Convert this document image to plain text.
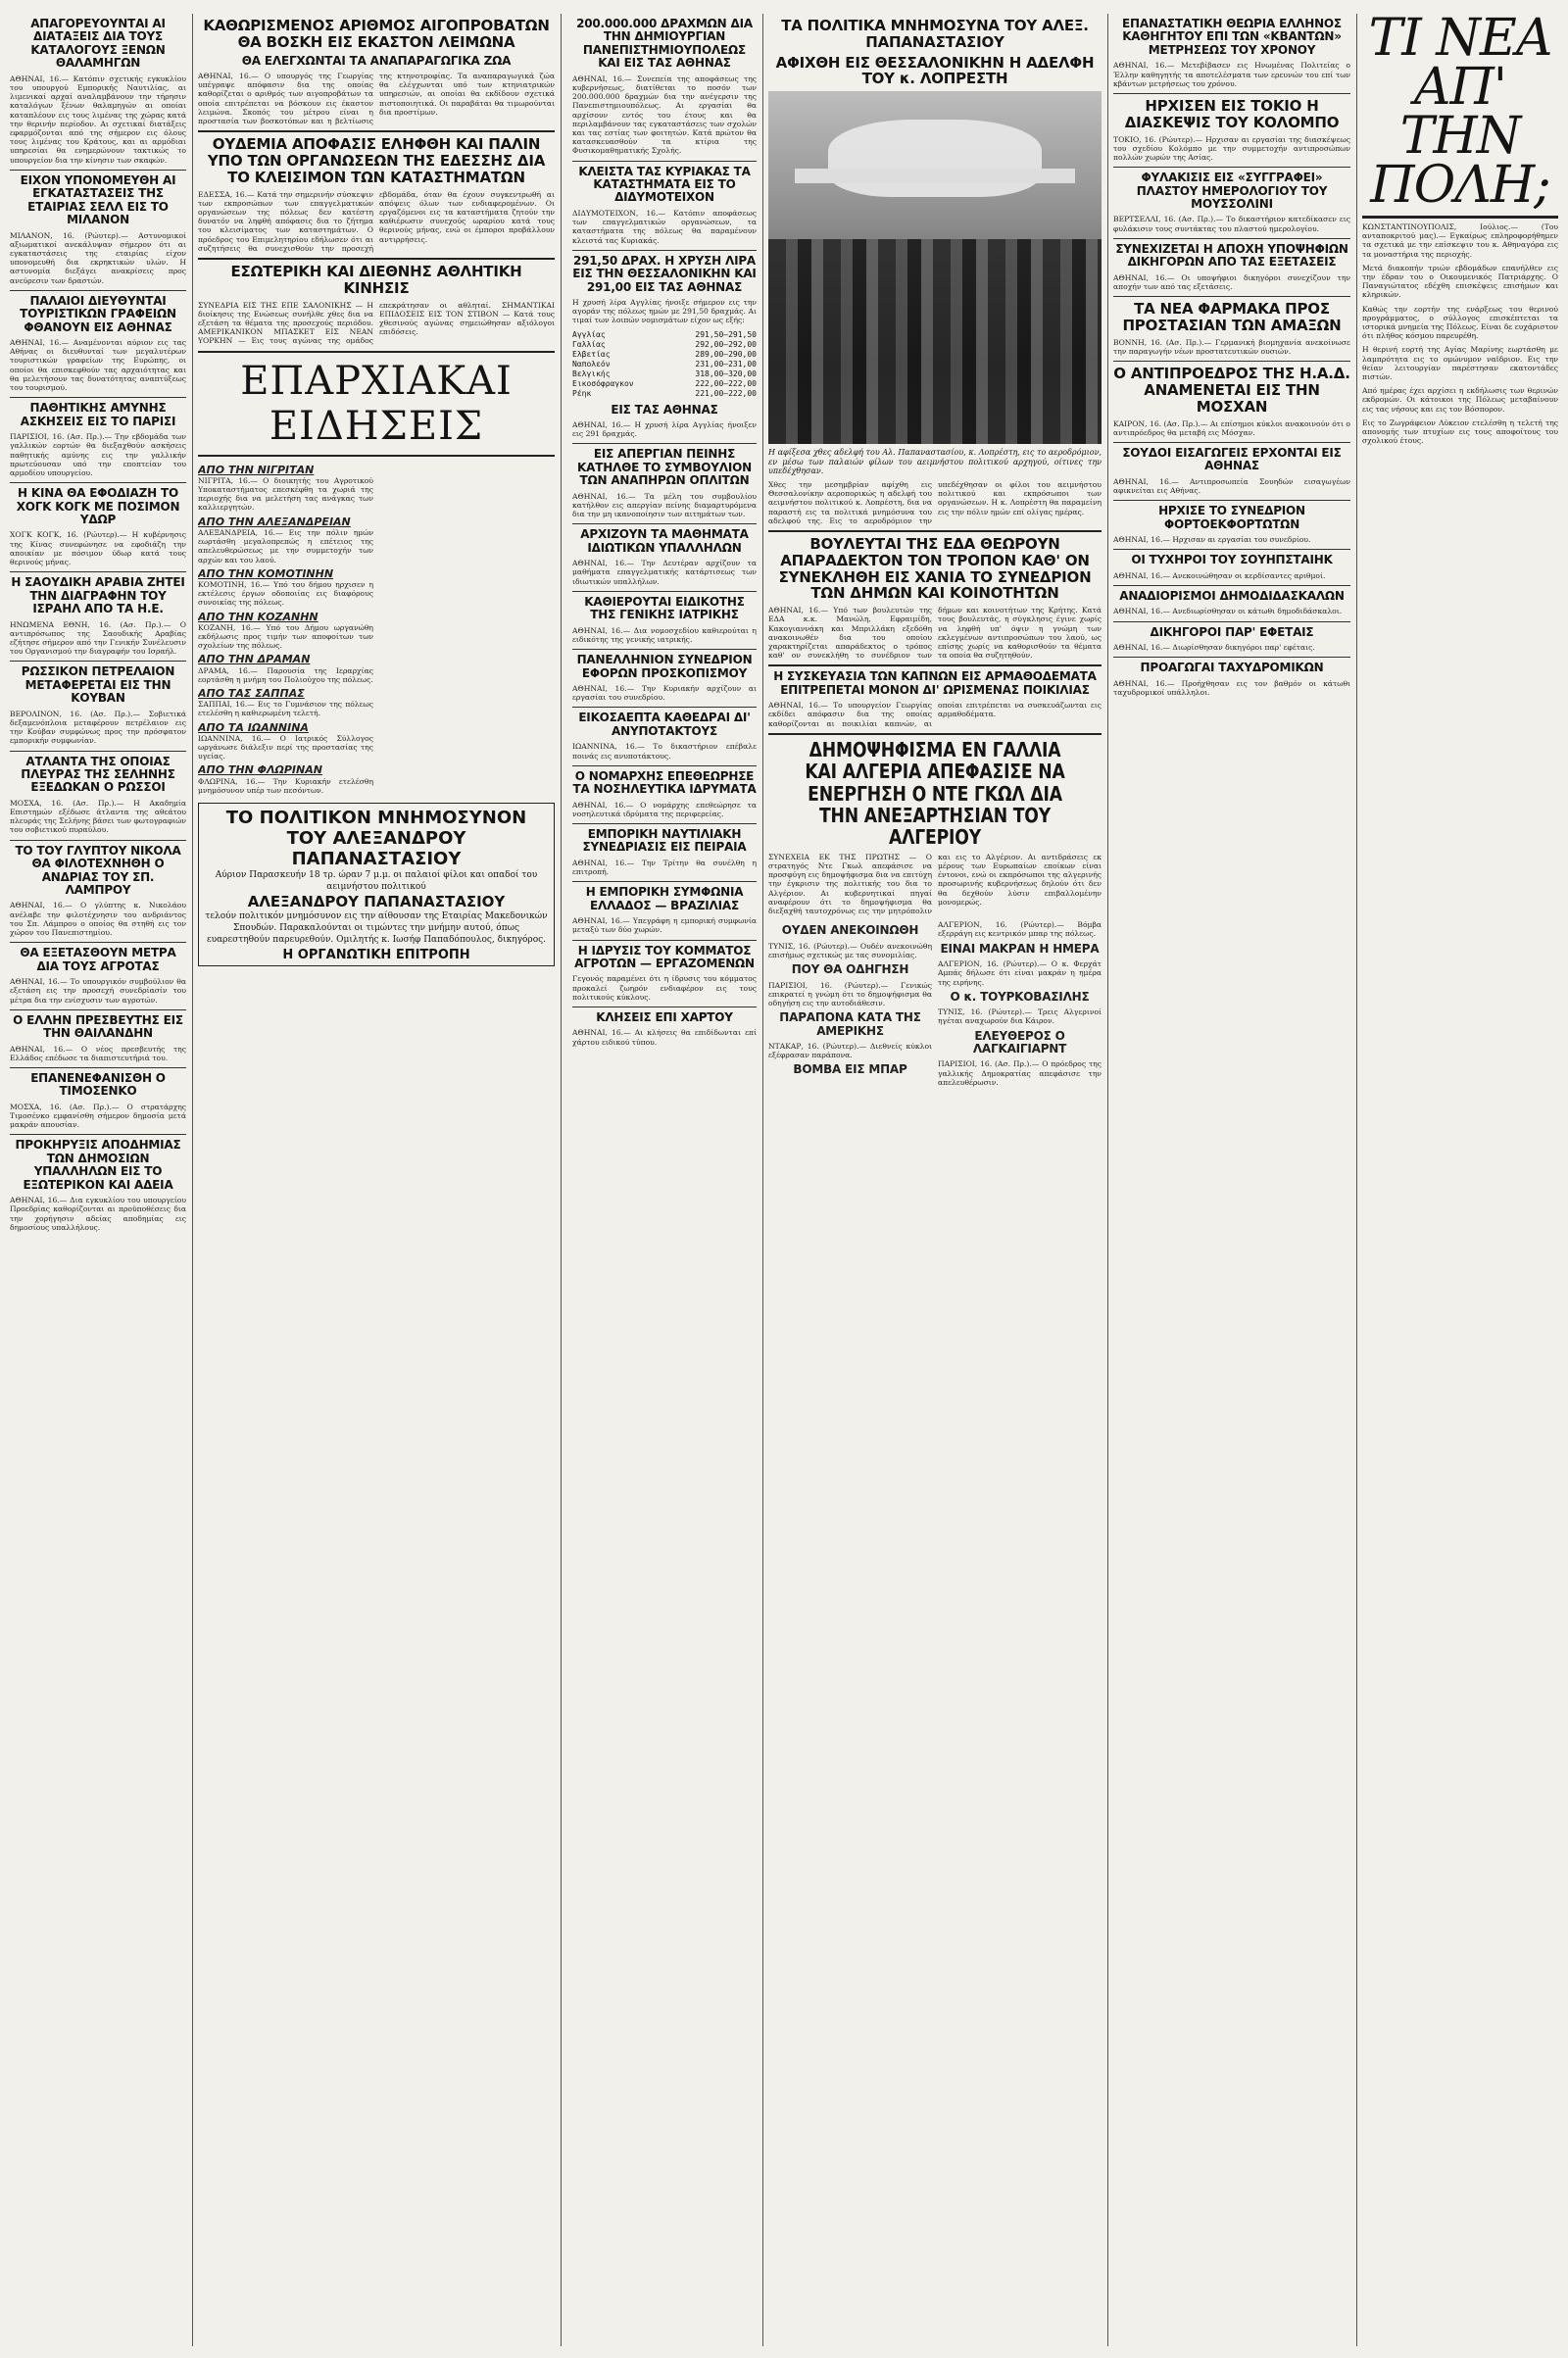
ΑΠΑΓΟΡΕΥΟΥΝΤΑΙ ΑΙ ΔΙΑΤΑΞΕΙΣ ΔΙΑ ΤΟΥΣ ΚΑΤΑΛΟΓΟΥΣ ΞΕΝΩΝ ΘΑΛΑΜΗΓΩΝ
ΑΘΗΝΑΙ, 16.— Κατόπιν σχετικής εγκυκλίου του υπουργού Εμπορικής Ναυτιλίας, αι λιμενικαί αρχαί αναλαμβάνουν την τήρησιν καταλόγων ξένων θαλαμηγών αι οποίαι καταπλέουν εις τους λιμένας της χώρας κατά την θερινήν περίοδον. Αι σχετικαί διατάξεις εφαρμόζονται από της σήμερον εις όλους τους λιμένας του Κράτους, και αι αρμόδιαι υπηρεσίαι θα ενημερώνουν τακτικώς το υπουργείον δια την κίνησιν των σκαφών.
ΕΙΧΟΝ ΥΠΟΝΟΜΕΥΘΗ ΑΙ ΕΓΚΑΤΑΣΤΑΣΕΙΣ ΤΗΣ ΕΤΑΙΡΙΑΣ ΣΕΛΛ ΕΙΣ ΤΟ ΜΙΛΑΝΟΝ
ΜΙΛΑΝΟΝ, 16. (Ρώυτερ).— Αστυνομικοί αξιωματικοί ανεκάλυψαν σήμερον ότι αι εγκαταστάσεις της εταιρίας είχον υπονομευθή δια εκρηκτικών υλών. Η αστυνομία διεξάγει ανακρίσεις προς ανεύρεσιν των δραστών.
ΠΑΛΑΙΟΙ ΔΙΕΥΘΥΝΤΑΙ ΤΟΥΡΙΣΤΙΚΩΝ ΓΡΑΦΕΙΩΝ ΦΘΑΝΟΥΝ ΕΙΣ ΑΘΗΝΑΣ
ΑΘΗΝΑΙ, 16.— Αναμένονται αύριον εις τας Αθήνας οι διευθυνταί των μεγαλυτέρων τουριστικών γραφείων της Ευρώπης, οι οποίοι θα επισκεφθούν τας αρχαιότητας και θα μελετήσουν τας δυνατότητας αναπτύξεως του τουρισμού.
ΠΑΘΗΤΙΚΗΣ ΑΜΥΝΗΣ ΑΣΚΗΣΕΙΣ ΕΙΣ ΤΟ ΠΑΡΙΣΙ
ΠΑΡΙΣΙΟΙ, 16. (Ασ. Πρ.).— Την εβδομάδα των γαλλικών εορτών θα διεξαχθούν ασκήσεις παθητικής αμύνης εις την γαλλικήν πρωτεύουσαν υπό την εποπτείαν του αρμοδίου υπουργείου.
Η ΚΙΝΑ ΘΑ ΕΦΟΔΙΑΖΗ ΤΟ ΧΟΓΚ ΚΟΓΚ ΜΕ ΠΟΣΙΜΟΝ ΥΔΩΡ
ΧΟΓΚ ΚΟΓΚ, 16. (Ρώυτερ).— Η κυβέρνησις της Κίνας συνεφώνησε να εφοδιάζη την αποικίαν με πόσιμον ύδωρ κατά τους θερινούς μήνας.
Η ΣΑΟΥΔΙΚΗ ΑΡΑΒΙΑ ΖΗΤΕΙ ΤΗΝ ΔΙΑΓΡΑΦΗΝ ΤΟΥ ΙΣΡΑΗΛ ΑΠΟ ΤΑ Η.Ε.
ΗΝΩΜΕΝΑ ΕΘΝΗ, 16. (Ασ. Πρ.).— Ο αντιπρόσωπος της Σαουδικής Αραβίας εζήτησε σήμερον από την Γενικήν Συνέλευσιν του Οργανισμού την διαγραφήν του Ισραήλ.
ΡΩΣΣΙΚΟΝ ΠΕΤΡΕΛΑΙΟΝ ΜΕΤΑΦΕΡΕΤΑΙ ΕΙΣ ΤΗΝ ΚΟΥΒΑΝ
ΒΕΡΟΛΙΝΟΝ, 16. (Ασ. Πρ.).— Σοβιετικά δεξαμενόπλοια μεταφέρουν πετρέλαιον εις την Κούβαν συμφώνως προς την πρόσφατον εμπορικήν συμφωνίαν.
ΑΤΛΑΝΤΑ ΤΗΣ ΟΠΟΙΑΣ ΠΛΕΥΡΑΣ ΤΗΣ ΣΕΛΗΝΗΣ ΕΞΕΔΩΚΑΝ Ο ΡΩΣΣΟΙ
ΜΟΣΧΑ, 16. (Ασ. Πρ.).— Η Ακαδημία Επιστημών εξέδωσε άτλαντα της αθεάτου πλευράς της Σελήνης βάσει των φωτογραφιών του σοβιετικού πυραύλου.
ΤΟ ΤΟΥ ΓΛΥΠΤΟΥ ΝΙΚΟΛΑ ΘΑ ΦΙΛΟΤΕΧΝΗΘΗ Ο ΑΝΔΡΙΑΣ ΤΟΥ ΣΠ. ΛΑΜΠΡΟΥ
ΑΘΗΝΑΙ, 16.— Ο γλύπτης κ. Νικολάου ανέλαβε την φιλοτέχνησιν του ανδριάντος του Σπ. Λάμπρου ο οποίος θα στηθή εις τον χώρον του Πανεπιστημίου.
ΘΑ ΕΞΕΤΑΣΘΟΥΝ ΜΕΤΡΑ ΔΙΑ ΤΟΥΣ ΑΓΡΟΤΑΣ
ΑΘΗΝΑΙ, 16.— Το υπουργικόν συμβούλιον θα εξετάση εις την προσεχή συνεδρίασίν του μέτρα δια την ενίσχυσιν των αγροτών.
Ο ΕΛΛΗΝ ΠΡΕΣΒΕΥΤΗΣ ΕΙΣ ΤΗΝ ΘΑΙΛΑΝΔΗΝ
ΑΘΗΝΑΙ, 16.— Ο νέος πρεσβευτής της Ελλάδος επέδωσε τα διαπιστευτήριά του.
ΕΠΑΝΕΝΕΦΑΝΙΣΘΗ Ο ΤΙΜΟΣΕΝΚΟ
ΜΟΣΧΑ, 16. (Ασ. Πρ.).— Ο στρατάρχης Τιμοσένκο εμφανίσθη σήμερον δημοσία μετά μακράν απουσίαν.
ΠΡΟΚΗΡΥΞΙΣ ΑΠΟΔΗΜΙΑΣ ΤΩΝ ΔΗΜΟΣΙΩΝ ΥΠΑΛΛΗΛΩΝ ΕΙΣ ΤΟ ΕΞΩΤΕΡΙΚΟΝ ΚΑΙ ΑΔΕΙΑ
ΑΘΗΝΑΙ, 16.— Δια εγκυκλίου του υπουργείου Προεδρίας καθορίζονται αι προϋποθέσεις δια την χορήγησιν αδείας αποδημίας εις δημοσίους υπαλλήλους.
ΚΑΘΩΡΙΣΜΕΝΟΣ ΑΡΙΘΜΟΣ ΑΙΓΟΠΡΟΒΑΤΩΝ ΘΑ ΒΟΣΚΗ ΕΙΣ ΕΚΑΣΤΟΝ ΛΕΙΜΩΝΑ
ΘΑ ΕΛΕΓΧΩΝΤΑΙ ΤΑ ΑΝΑΠΑΡΑΓΩΓΙΚΑ ΖΩΑ
ΑΘΗΝΑΙ, 16.— Ο υπουργός της Γεωργίας υπέγραψε απόφασιν δια της οποίας καθορίζεται ο αριθμός των αιγοπροβάτων τα οποία επιτρέπεται να βόσκουν εις έκαστον λειμώνα. Σκοπός του μέτρου είναι η προστασία των βοσκοτόπων και η βελτίωσις της κτηνοτροφίας. Τα αναπαραγωγικά ζώα θα ελέγχωνται υπό των κτηνιατρικών υπηρεσιών, αι οποίαι θα εκδίδουν σχετικά πιστοποιητικά. Οι παραβάται θα τιμωρούνται δια προστίμων.
ΟΥΔΕΜΙΑ ΑΠΟΦΑΣΙΣ ΕΛΗΦΘΗ ΚΑΙ ΠΑΛΙΝ ΥΠΟ ΤΩΝ ΟΡΓΑΝΩΣΕΩΝ ΤΗΣ ΕΔΕΣΣΗΣ ΔΙΑ ΤΟ ΚΛΕΙΣΙΜΟΝ ΤΩΝ ΚΑΤΑΣΤΗΜΑΤΩΝ
ΕΔΕΣΣΑ, 16.— Κατά την σημερινήν σύσκεψιν των εκπροσώπων των επαγγελματικών οργανώσεων της πόλεως δεν κατέστη δυνατόν να ληφθή απόφασις δια το ζήτημα του κλεισίματος των καταστημάτων. Ο πρόεδρος του Επιμελητηρίου εδήλωσεν ότι αι συζητήσεις θα συνεχισθούν την προσεχή εβδομάδα, όταν θα έχουν συγκεντρωθή αι απόψεις όλων των ενδιαφερομένων. Οι εργαζόμενοι εις τα καταστήματα ζητούν την καθιέρωσιν συνεχούς ωραρίου κατά τους θερινούς μήνας, ενώ οι έμποροι προβάλλουν αντιρρήσεις.
ΕΣΩΤΕΡΙΚΗ ΚΑΙ ΔΙΕΘΝΗΣ ΑΘΛΗΤΙΚΗ ΚΙΝΗΣΙΣ
ΣΥΝΕΔΡΙΑ ΕΙΣ ΤΗΣ ΕΠΕ ΣΑΛΟΝΙΚΗΣ — Η διοίκησις της Ενώσεως συνήλθε χθες δια να εξετάση τα θέματα της προσεχούς περιόδου. ΑΜΕΡΙΚΑΝΙΚΟΝ ΜΠΑΣΚΕΤ ΕΙΣ ΝΕΑΝ ΥΟΡΚΗΝ — Εις τους αγώνας της ομάδος επεκράτησαν οι αθληταί. ΣΗΜΑΝΤΙΚΑΙ ΕΠΙΔΟΣΕΙΣ ΕΙΣ ΤΟΝ ΣΤΙΒΟΝ — Κατά τους χθεσινούς αγώνας σημειώθησαν αξιόλογοι επιδόσεις.
ΕΠΑΡΧΙΑΚΑΙ ΕΙΔΗΣΕΙΣ
ΑΠΟ ΤΗΝ ΝΙΓΡΙΤΑΝ
ΝΙΓΡΙΤΑ, 16.— Ο διοικητής του Αγροτικού Υποκαταστήματος επεσκέφθη τα χωριά της περιοχής δια να μελετήση τας ανάγκας των καλλιεργητών.
ΑΠΟ ΤΗΝ ΑΛΕΞΑΝΔΡΕΙΑΝ
ΑΛΕΞΑΝΔΡΕΙΑ, 16.— Εις την πόλιν ημών εωρτάσθη μεγαλοπρεπώς η επέτειος της απελευθερώσεως με την συμμετοχήν των αρχών και του λαού.
ΑΠΟ ΤΗΝ ΚΟΜΟΤΙΝΗΝ
ΚΟΜΟΤΙΝΗ, 16.— Υπό του δήμου ηρχισεν η εκτέλεσις έργων οδοποιίας εις διαφόρους συνοικίας της πόλεως.
ΑΠΟ ΤΗΝ ΚΟΖΑΝΗΝ
ΚΟΖΑΝΗ, 16.— Υπό του Δήμου ωργανώθη εκδήλωσις προς τιμήν των αποφοίτων των σχολείων της πόλεως.
ΑΠΟ ΤΗΝ ΔΡΑΜΑΝ
ΔΡΑΜΑ, 16.— Παρουσία της Ιεραρχίας εορτάσθη η μνήμη του Πολιούχου της πόλεως.
ΑΠΟ ΤΑΣ ΣΑΠΠΑΣ
ΣΑΠΠΑΙ, 16.— Εις το Γυμνάσιον της πόλεως ετελέσθη η καθιερωμένη τελετή.
ΑΠΟ ΤΑ ΙΩΑΝΝΙΝΑ
ΙΩΑΝΝΙΝΑ, 16.— Ο Ιατρικός Σύλλογος ωργάνωσε διάλεξιν περί της προστασίας της υγείας.
ΑΠΟ ΤΗΝ ΦΛΩΡΙΝΑΝ
ΦΛΩΡΙΝΑ, 16.— Την Κυριακήν ετελέσθη μνημόσυνον υπέρ των πεσόντων.
ΤΟ ΠΟΛΙΤΙΚΟΝ ΜΝΗΜΟΣΥΝΟΝ ΤΟΥ ΑΛΕΞΑΝΔΡΟΥ ΠΑΠΑΝΑΣΤΑΣΙΟΥ
Αύριον Παρασκευήν 18 τρ. ώραν 7 μ.μ. οι παλαιοί φίλοι και οπαδοί του αειμνήστου πολιτικού
ΑΛΕΞΑΝΔΡΟΥ ΠΑΠΑΝΑΣΤΑΣΙΟΥ
τελούν πολιτικόν μνημόσυνον εις την αίθουσαν της Εταιρίας Μακεδονικών Σπουδών. Παρακαλούνται οι τιμώντες την μνήμην αυτού, όπως ευαρεστηθούν παρευρεθούν. Ομιλητής κ. Ιωσήφ Παπαδόπουλος, δικηγόρος.
Η ΟΡΓΑΝΩΤΙΚΗ ΕΠΙΤΡΟΠΗ
200.000.000 ΔΡΑΧΜΩΝ ΔΙΑ ΤΗΝ ΔΗΜΙΟΥΡΓΙΑΝ ΠΑΝΕΠΙΣΤΗΜΙΟΥΠΟΛΕΩΣ ΚΑΙ ΕΙΣ ΤΑΣ ΑΘΗΝΑΣ
ΑΘΗΝΑΙ, 16.— Συνεπεία της αποφάσεως της κυβερνήσεως, διατίθεται το ποσόν των 200.000.000 δραχμών δια την ανέγερσιν της Πανεπιστημιουπόλεως. Αι εργασίαι θα αρχίσουν εντός του έτους και θα περιλαμβάνουν τας εγκαταστάσεις των σχολών και τας εστίας των φοιτητών. Κατά πρώτον θα κατασκευασθούν τα κτίρια της Φυσικομαθηματικής Σχολής.
ΚΛΕΙΣΤΑ ΤΑΣ ΚΥΡΙΑΚΑΣ ΤΑ ΚΑΤΑΣΤΗΜΑΤΑ ΕΙΣ ΤΟ ΔΙΔΥΜΟΤΕΙΧΟΝ
ΔΙΔΥΜΟΤΕΙΧΟΝ, 16.— Κατόπιν αποφάσεως των επαγγελματικών οργανώσεων, τα καταστήματα της πόλεως θα παραμένουν κλειστά τας Κυριακάς.
291,50 ΔΡΑΧ. Η ΧΡΥΣΗ ΛΙΡΑ ΕΙΣ ΤΗΝ ΘΕΣΣΑΛΟΝΙΚΗΝ ΚΑΙ 291,00 ΕΙΣ ΤΑΣ ΑΘΗΝΑΣ
Η χρυσή λίρα Αγγλίας ήνοιξε σήμερον εις την αγοράν της πόλεως ημών με 291,50 δραχμάς. Αι τιμαί των λοιπών νομισμάτων είχον ως εξής:
Αγγλίας	291,50—291,50
Γαλλίας	292,00—292,00
Ελβετίας	289,00—290,00
Ναπολεόν	231,00—231,00
Βελγικής	318,00—320,00
Εικοσόφραγκον	222,00—222,00
Ρέηκ	221,00—222,00
ΕΙΣ ΤΑΣ ΑΘΗΝΑΣ
ΑΘΗΝΑΙ, 16.— Η χρυσή λίρα Αγγλίας ήνοιξεν εις 291 δραχμάς.
ΕΙΣ ΑΠΕΡΓΙΑΝ ΠΕΙΝΗΣ ΚΑΤΗΛΘΕ ΤΟ ΣΥΜΒΟΥΛΙΟΝ ΤΩΝ ΑΝΑΠΗΡΩΝ ΟΠΛΙΤΩΝ
ΑΘΗΝΑΙ, 16.— Τα μέλη του συμβουλίου κατήλθον εις απεργίαν πείνης διαμαρτυρόμενα δια την μη ικανοποίησιν των αιτημάτων των.
ΑΡΧΙΖΟΥΝ ΤΑ ΜΑΘΗΜΑΤΑ ΙΔΙΩΤΙΚΩΝ ΥΠΑΛΛΗΛΩΝ
ΑΘΗΝΑΙ, 16.— Την Δευτέραν αρχίζουν τα μαθήματα επαγγελματικής κατάρτισεως των ιδιωτικών υπαλλήλων.
ΚΑΘΙΕΡΟΥΤΑΙ ΕΙΔΙΚΟΤΗΣ ΤΗΣ ΓΕΝΙΚΗΣ ΙΑΤΡΙΚΗΣ
ΑΘΗΝΑΙ, 16.— Δια νομοσχεδίου καθιερούται η ειδικότης της γενικής ιατρικής.
ΠΑΝΕΛΛΗΝΙΟΝ ΣΥΝΕΔΡΙΟΝ ΕΦΟΡΩΝ ΠΡΟΣΚΟΠΙΣΜΟΥ
ΑΘΗΝΑΙ, 16.— Την Κυριακήν αρχίζουν αι εργασίαι του συνεδρίου.
ΕΙΚΟΣΑΕΠΤΑ ΚΑΘΕΔΡΑΙ ΔΙ' ΑΝΥΠΟΤΑΚΤΟΥΣ
ΙΩΑΝΝΙΝΑ, 16.— Το δικαστήριον επέβαλε ποινάς εις ανυποτάκτους.
Ο ΝΟΜΑΡΧΗΣ ΕΠΕΘΕΩΡΗΣΕ ΤΑ ΝΟΣΗΛΕΥΤΙΚΑ ΙΔΡΥΜΑΤΑ
ΑΘΗΝΑΙ, 16.— Ο νομάρχης επεθεώρησε τα νοσηλευτικά ιδρύματα της περιφερείας.
ΕΜΠΟΡΙΚΗ ΝΑΥΤΙΛΙΑΚΗ ΣΥΝΕΔΡΙΑΣΙΣ ΕΙΣ ΠΕΙΡΑΙΑ
ΑΘΗΝΑΙ, 16.— Την Τρίτην θα συνέλθη η επιτροπή.
Η ΕΜΠΟΡΙΚΗ ΣΥΜΦΩΝΙΑ ΕΛΛΑΔΟΣ — ΒΡΑΖΙΛΙΑΣ
ΑΘΗΝΑΙ, 16.— Υπεγράφη η εμπορική συμφωνία μεταξύ των δύο χωρών.
Η ΙΔΡΥΣΙΣ ΤΟΥ ΚΟΜΜΑΤΟΣ ΑΓΡΟΤΩΝ — ΕΡΓΑΖΟΜΕΝΩΝ
Γεγονός παραμένει ότι η ίδρυσις του κόμματος προκαλεί ζωηρόν ενδιαφέρον εις τους πολιτικούς κύκλους.
ΚΛΗΣΕΙΣ ΕΠΙ ΧΑΡΤΟΥ
ΑΘΗΝΑΙ, 16.— Αι κλήσεις θα επιδίδωνται επί χάρτου ειδικού τύπου.
ΤΑ ΠΟΛΙΤΙΚΑ ΜΝΗΜΟΣΥΝΑ ΤΟΥ ΑΛΕΞ. ΠΑΠΑΝΑΣΤΑΣΙΟΥ
ΑΦΙΧΘΗ ΕΙΣ ΘΕΣΣΑΛΟΝΙΚΗΝ Η ΑΔΕΛΦΗ ΤΟΥ κ. ΛΟΠΡΕΣΤΗ
Η αφίξεσα χθες αδελφή του Αλ. Παπαναστασίου, κ. Λοπρέστη, εις το αεροδρόμιον, εν μέσω των παλαιών φίλων του αειμνήστου πολιτικού αρχηγού, οίτινες την υπεδέχθησαν.
Χθες την μεσημβρίαν αφίχθη εις Θεσσαλονίκην αεροπορικώς η αδελφή του αειμνήστου πολιτικού κ. Λοπρέστη, δια να παραστή εις τα πολιτικά μνημόσυνα του αδελφού της. Εις το αεροδρόμιον την υπεδέχθησαν οι φίλοι του αειμνήστου πολιτικού και εκπρόσωποι των οργανώσεων. Η κ. Λοπρέστη θα παραμείνη εις την πόλιν ημών επί ολίγας ημέρας.
ΒΟΥΛΕΥΤΑΙ ΤΗΣ ΕΔΑ ΘΕΩΡΟΥΝ ΑΠΑΡΑΔΕΚΤΟΝ ΤΟΝ ΤΡΟΠΟΝ ΚΑΘ' ΟΝ ΣΥΝΕΚΛΗΘΗ ΕΙΣ ΧΑΝΙΑ ΤΟ ΣΥΝΕΔΡΙΟΝ ΤΩΝ ΔΗΜΩΝ ΚΑΙ ΚΟΙΝΟΤΗΤΩΝ
ΑΘΗΝΑΙ, 16.— Υπό των βουλευτών της ΕΔΑ κ.κ. Μανώλη, Εφραιμίδη, Κακογιαννάκη και Μπριλλάκη εξεδόθη ανακοινωθέν δια του οποίου χαρακτηρίζεται απαράδεκτος ο τρόπος καθ' ον συνεκλήθη το συνέδριον των δήμων και κοινοτήτων της Κρήτης. Κατά τους βουλευτάς, η σύγκλησις έγινε χωρίς να ληφθή υπ' όψιν η γνώμη των εκλεγμένων αντιπροσώπων του λαού, ως επίσης χωρίς να καθορισθούν τα θέματα τα οποία θα συζητηθούν.
Η ΣΥΣΚΕΥΑΣΙΑ ΤΩΝ ΚΑΠΝΩΝ ΕΙΣ ΑΡΜΑΘΟΔΕΜΑΤΑ ΕΠΙΤΡΕΠΕΤΑΙ ΜΟΝΟΝ ΔΙ' ΩΡΙΣΜΕΝΑΣ ΠΟΙΚΙΛΙΑΣ
ΑΘΗΝΑΙ, 16.— Το υπουργείον Γεωργίας εκδίδει απόφασιν δια της οποίας καθορίζονται αι ποικιλίαι καπνών, αι οποίαι επιτρέπεται να συσκευάζωνται εις αρμαθοδέματα.
ΔΗΜΟΨΗΦΙΣΜΑ ΕΝ ΓΑΛΛΙΑ ΚΑΙ ΑΛΓΕΡΙΑ ΑΠΕΦΑΣΙΣΕ ΝΑ ΕΝΕΡΓΗΣΗ Ο ΝΤΕ ΓΚΩΛ ΔΙΑ ΤΗΝ ΑΝΕΞΑΡΤΗΣΙΑΝ ΤΟΥ ΑΛΓΕΡΙΟΥ
ΣΥΝΕΧΕΙΑ ΕΚ ΤΗΣ ΠΡΩΤΗΣ — Ο στρατηγός Ντε Γκωλ απεφάσισε να προσφύγη εις δημοψήφισμα δια να επιτύχη την έγκρισιν της πολιτικής του δια το Αλγέριον. Αι κυβερνητικαί πηγαί αναφέρουν ότι το δημοψήφισμα θα διεξαχθή ταυτοχρόνως εις την μητρόπολιν και εις το Αλγέριον. Αι αντιδράσεις εκ μέρους των Ευρωπαίων εποίκων είναι έντονοι, ενώ οι εκπρόσωποι της αλγερινής προσωρινής κυβερνήσεως δηλούν ότι δεν θα δεχθούν λύσιν επιβαλλομένην μονομερώς.
ΟΥΔΕΝ ΑΝΕΚΟΙΝΩΘΗ
ΤΥΝΙΣ, 16. (Ρώυτερ).— Ουδέν ανεκοινώθη επισήμως σχετικώς με τας συνομιλίας.
ΠΟΥ ΘΑ ΟΔΗΓΗΣΗ
ΠΑΡΙΣΙΟΙ, 16. (Ρώυτερ).— Γενικώς επικρατεί η γνώμη ότι το δημοψήφισμα θα οδηγήση εις την αυτοδιάθεσιν.
ΠΑΡΑΠΟΝΑ ΚΑΤΑ ΤΗΣ ΑΜΕΡΙΚΗΣ
ΝΤΑΚΑΡ, 16. (Ρώυτερ).— Διεθνείς κύκλοι εξέφρασαν παράπονα.
ΒΟΜΒΑ ΕΙΣ ΜΠΑΡ
ΑΛΓΕΡΙΟΝ, 16. (Ρώυτερ).— Βόμβα εξερράγη εις κεντρικόν μπαρ της πόλεως.
ΕΙΝΑΙ ΜΑΚΡΑΝ Η ΗΜΕΡΑ
ΑΛΓΕΡΙΟΝ, 16. (Ρώυτερ).— Ο κ. Φερχάτ Αμπάς δήλωσε ότι είναι μακράν η ημέρα της ειρήνης.
Ο κ. ΤΟΥΡΚΟΒΑΣΙΛΗΣ
ΤΥΝΙΣ, 16. (Ρώυτερ).— Τρεις Αλγερινοί ηγέται αναχωρούν δια Κάιρον.
ΕΛΕΥΘΕΡΟΣ Ο ΛΑΓΚΑΙΓΙΑΡΝΤ
ΠΑΡΙΣΙΟΙ, 16. (Ασ. Πρ.).— Ο πρόεδρος της γαλλικής Δημοκρατίας απεφάσισε την απελευθέρωσιν.
ΕΠΑΝΑΣΤΑΤΙΚΗ ΘΕΩΡΙΑ ΕΛΛΗΝΟΣ ΚΑΘΗΓΗΤΟΥ ΕΠΙ ΤΩΝ «ΚΒΑΝΤΩΝ» ΜΕΤΡΗΣΕΩΣ ΤΟΥ ΧΡΟΝΟΥ
ΑΘΗΝΑΙ, 16.— Μετεβίβασεν εις Ηνωμένας Πολιτείας ο Έλλην καθηγητής τα αποτελέσματα των ερευνών του επί των κβάντων μετρήσεως του χρόνου.
ΗΡΧΙΣΕΝ ΕΙΣ ΤΟΚΙΟ Η ΔΙΑΣΚΕΨΙΣ ΤΟΥ ΚΟΛΟΜΠΟ
ΤΟΚΙΟ, 16. (Ρώυτερ).— Ηρχισαν αι εργασίαι της διασκέψεως του σχεδίου Κολόμπο με την συμμετοχήν αντιπροσώπων πολλών χωρών της Ασίας.
ΦΥΛΑΚΙΣΙΣ ΕΙΣ «ΣΥΓΓΡΑΦΕΙ» ΠΛΑΣΤΟΥ ΗΜΕΡΟΛΟΓΙΟΥ ΤΟΥ ΜΟΥΣΣΟΛΙΝΙ
ΒΕΡΤΣΕΛΛΙ, 16. (Ασ. Πρ.).— Το δικαστήριον κατεδίκασεν εις φυλάκισιν τους συντάκτας του πλαστού ημερολογίου.
ΣΥΝΕΧΙΖΕΤΑΙ Η ΑΠΟΧΗ ΥΠΟΨΗΦΙΩΝ ΔΙΚΗΓΟΡΩΝ ΑΠΟ ΤΑΣ ΕΞΕΤΑΣΕΙΣ
ΑΘΗΝΑΙ, 16.— Οι υποψήφιοι δικηγόροι συνεχίζουν την αποχήν των από τας εξετάσεις.
ΤΑ ΝΕΑ ΦΑΡΜΑΚΑ ΠΡΟΣ ΠΡΟΣΤΑΣΙΑΝ ΤΩΝ ΑΜΑΞΩΝ
ΒΟΝΝΗ, 16. (Ασ. Πρ.).— Γερμανική βιομηχανία ανεκοίνωσε την παραγωγήν νέων προστατευτικών ουσιών.
Ο ΑΝΤΙΠΡΟΕΔΡΟΣ ΤΗΣ Η.Α.Δ. ΑΝΑΜΕΝΕΤΑΙ ΕΙΣ ΤΗΝ ΜΟΣΧΑΝ
ΚΑΙΡΟΝ, 16. (Ασ. Πρ.).— Αι επίσημοι κύκλοι ανακοινούν ότι ο αντιπρόεδρος θα μεταβή εις Μόσχαν.
ΣΟΥΔΟΙ ΕΙΣΑΓΩΓΕΙΣ ΕΡΧΟΝΤΑΙ ΕΙΣ ΑΘΗΝΑΣ
ΑΘΗΝΑΙ, 16.— Αντιπροσωπεία Σουηδών εισαγωγέων αφικνείται εις Αθήνας.
ΗΡΧΙΣΕ ΤΟ ΣΥΝΕΔΡΙΟΝ ΦΟΡΤΟΕΚΦΟΡΤΩΤΩΝ
ΑΘΗΝΑΙ, 16.— Ηρχισαν αι εργασίαι του συνεδρίου.
ΟΙ ΤΥΧΗΡΟΙ ΤΟΥ ΣΟΥΗΠΣΤΑΙΗΚ
ΑΘΗΝΑΙ, 16.— Ανεκοινώθησαν οι κερδίσαντες αριθμοί.
ΑΝΑΔΙΟΡΙΣΜΟΙ ΔΗΜΟΔΙΔΑΣΚΑΛΩΝ
ΑΘΗΝΑΙ, 16.— Ανεδιωρίσθησαν οι κάτωθι δημοδιδάσκαλοι.
ΔΙΚΗΓΟΡΟΙ ΠΑΡ' ΕΦΕΤΑΙΣ
ΑΘΗΝΑΙ, 16.— Διωρίσθησαν δικηγόροι παρ' εφέταις.
ΠΡΟΑΓΩΓΑΙ ΤΑΧΥΔΡΟΜΙΚΩΝ
ΑΘΗΝΑΙ, 16.— Προήχθησαν εις τον βαθμόν οι κάτωθι ταχυδρομικοί υπάλληλοι.
ΤΙ ΝΕΑ ΑΠ' ΤΗΝ ΠΟΛΗ;
ΚΩΝΣΤΑΝΤΙΝΟΥΠΟΛΙΣ, Ιούλιος.— (Του ανταποκριτού μας).— Εγκαίρως επληροφορήθημεν τα σχετικά με την επίσκεψιν του κ. Αθηναγόρα εις τα μοναστήρια της περιοχής.
Μετά διακοπήν τριών εβδομάδων επανήλθεν εις την έδραν του ο Οικουμενικός Πατριάρχης. Ο Παναγιώτατος εδέχθη επισκέψεις επισήμων και κληρικών.
Καθώς την εορτήν της ενάρξεως του θερινού προγράμματος, ο σύλλογος επισκέπτεται τα ιστορικά μνημεία της Πόλεως. Είναι δε ευχάριστον ότι πλήθος κόσμου παρευρέθη.
Η θερινή εορτή της Αγίας Μαρίνης εωρτάσθη με λαμπρότητα εις το ομώνυμον ναϊδριον. Εις την θείαν λειτουργίαν παρέστησαν εκατοντάδες πιστών.
Από ημέρας έχει αρχίσει η εκδήλωσις των θερινών εκδρομών. Οι κάτοικοι της Πόλεως μεταβαίνουν εις τας νήσους και εις τον Βόσπορον.
Εις το Ζωγράφειον Λύκειον ετελέσθη η τελετή της απονομής των πτυχίων εις τους αποφοίτους του σχολικού έτους.
